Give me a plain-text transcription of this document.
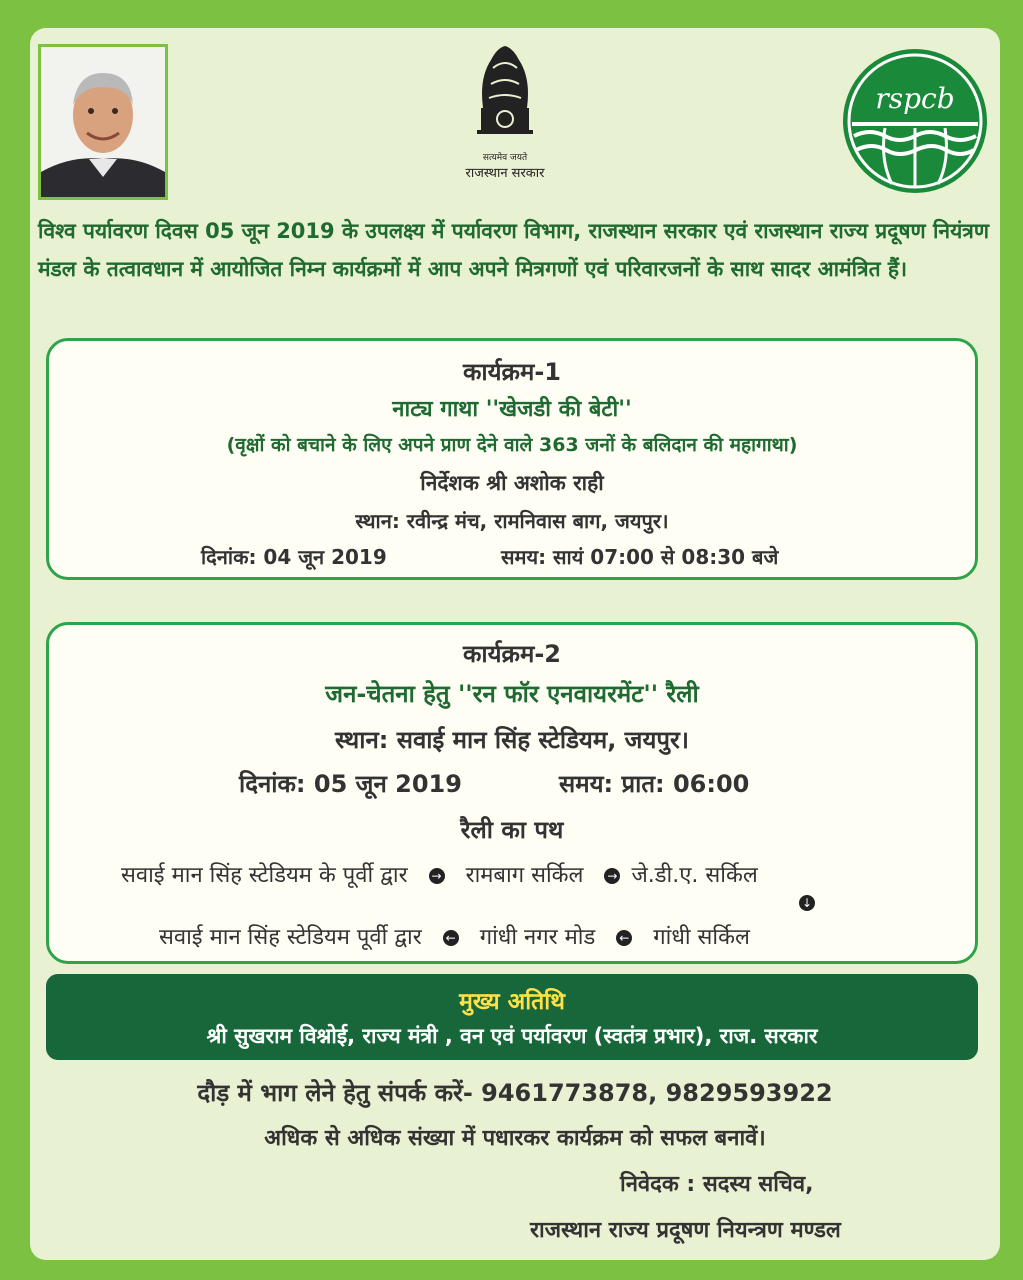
सत्यमेव जयते
राजस्थान सरकार
rspcb
विश्व पर्यावरण दिवस 05 जून 2019 के उपलक्ष्य में पर्यावरण विभाग, राजस्थान सरकार एवं राजस्थान राज्य प्रदूषण नियंत्रण मंडल के तत्वावधान में आयोजित निम्न कार्यक्रमों में आप अपने मित्रगणों एवं परिवारजनों के साथ सादर आमंत्रित हैं।
कार्यक्रम-1
नाट्य गाथा ''खेजडी की बेटी''
(वृक्षों को बचाने के लिए अपने प्राण देने वाले 363 जनों के बलिदान की महागाथा)
निर्देशक श्री अशोक राही
स्थान: रवीन्द्र मंच, रामनिवास बाग, जयपुर।
दिनांक: 04 जून 2019	समय: सायं 07:00 से 08:30 बजे
कार्यक्रम-2
जन-चेतना हेतु ''रन फॉर एनवायरमेंट'' रैली
स्थान: सवाई मान सिंह स्टेडियम, जयपुर।
दिनांक: 05 जून 2019	समय: प्रात: 06:00
रैली का पथ
सवाई मान सिंह स्टेडियम के पूर्वी द्वार → रामबाग सर्किल → जे.डी.ए. सर्किल
↓
सवाई मान सिंह स्टेडियम पूर्वी द्वार ← गांधी नगर मोड ← गांधी सर्किल
मुख्य अतिथि
श्री सुखराम विश्नोई, राज्य मंत्री , वन एवं पर्यावरण (स्वतंत्र प्रभार), राज. सरकार
दौड़ में भाग लेने हेतु संपर्क करें- 9461773878, 9829593922
अधिक से अधिक संख्या में पधारकर कार्यक्रम को सफल बनावें।
निवेदक : सदस्य सचिव,
राजस्थान राज्य प्रदूषण नियन्त्रण मण्डल
